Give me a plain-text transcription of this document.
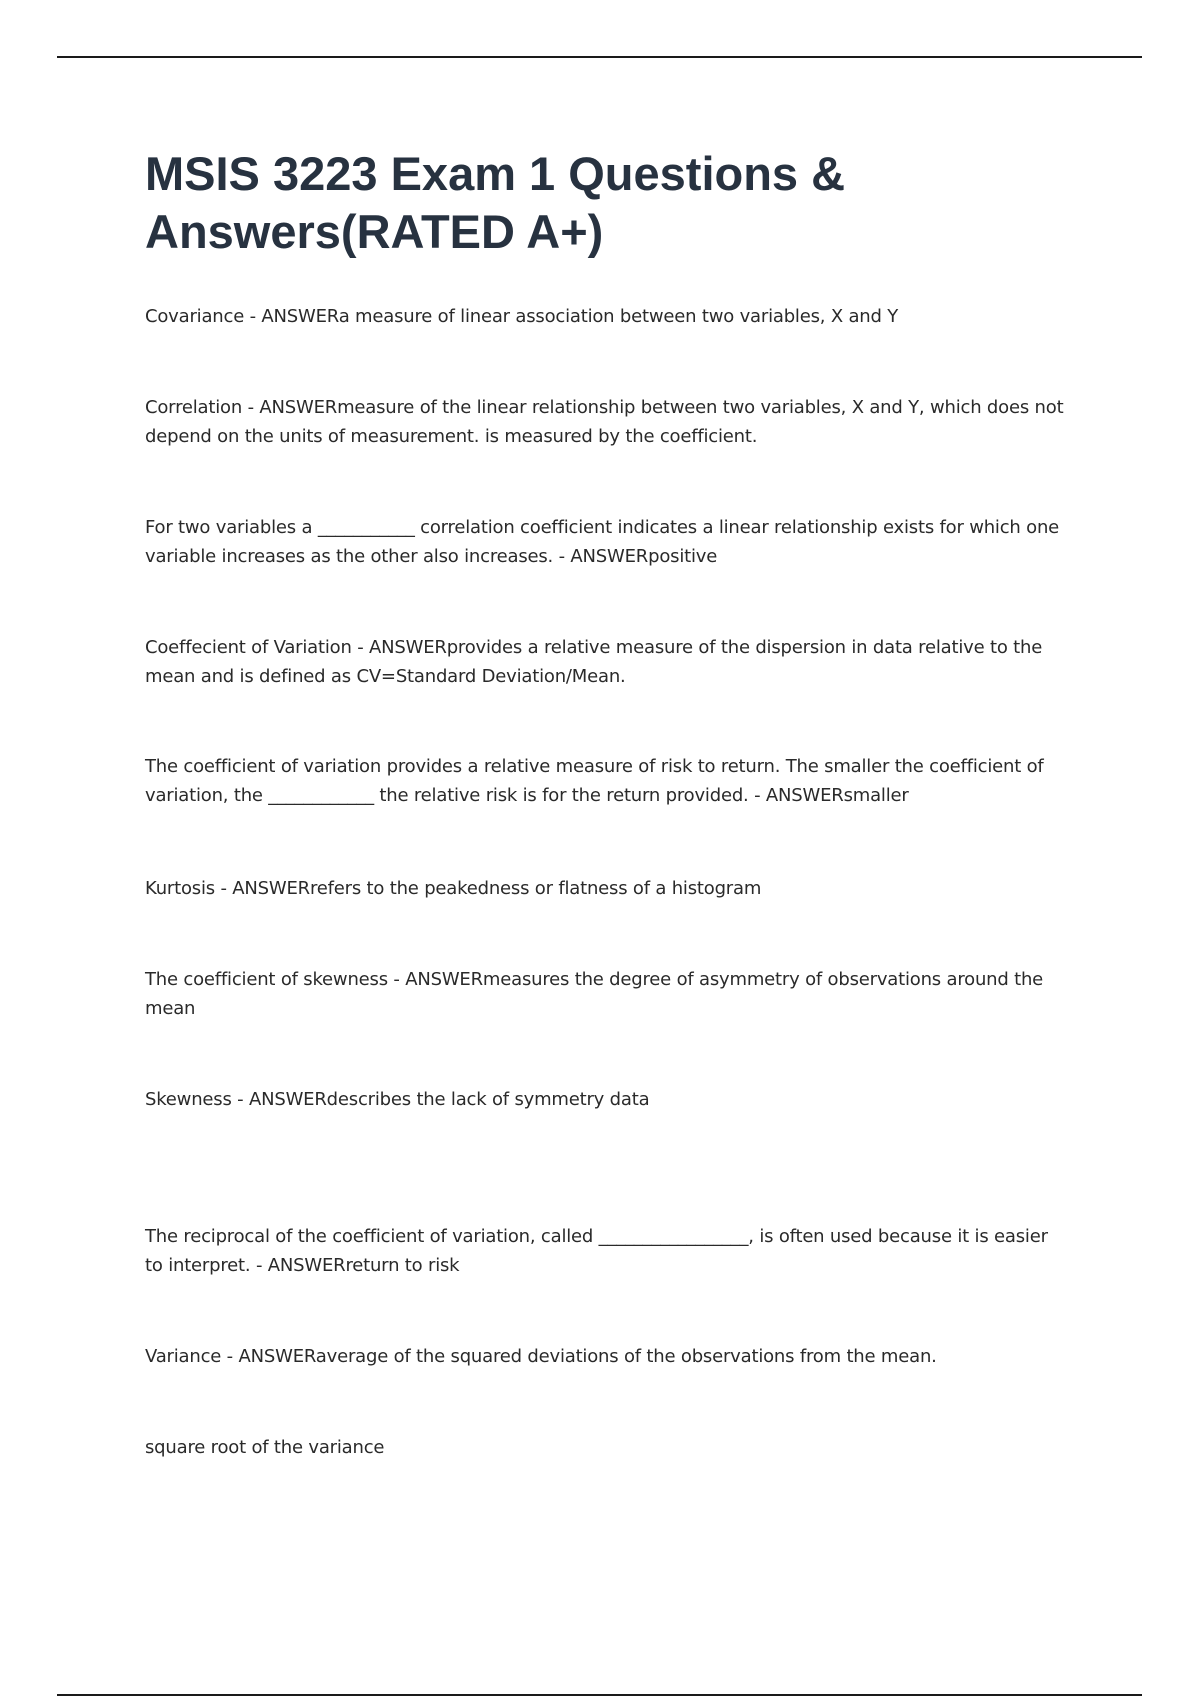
MSIS 3223 Exam 1 Questions & Answers(RATED A+)

Covariance - ANSWERa measure of linear association between two variables, X and Y

Correlation - ANSWERmeasure of the linear relationship between two variables, X and Y, which does not depend on the units of measurement. is measured by the coefficient.

For two variables a ___________ correlation coefficient indicates a linear relationship exists for which one variable increases as the other also increases. - ANSWERpositive

Coeffecient of Variation - ANSWERprovides a relative measure of the dispersion in data relative to the mean and is defined as CV=Standard Deviation/Mean.

The coefficient of variation provides a relative measure of risk to return. The smaller the coefficient of variation, the ____________ the relative risk is for the return provided. - ANSWERsmaller

Kurtosis - ANSWERrefers to the peakedness or flatness of a histogram

The coefficient of skewness - ANSWERmeasures the degree of asymmetry of observations around the mean

Skewness - ANSWERdescribes the lack of symmetry data

The reciprocal of the coefficient of variation, called _________________, is often used because it is easier to interpret. - ANSWERreturn to risk

Variance - ANSWERaverage of the squared deviations of the observations from the mean.

square root of the variance
